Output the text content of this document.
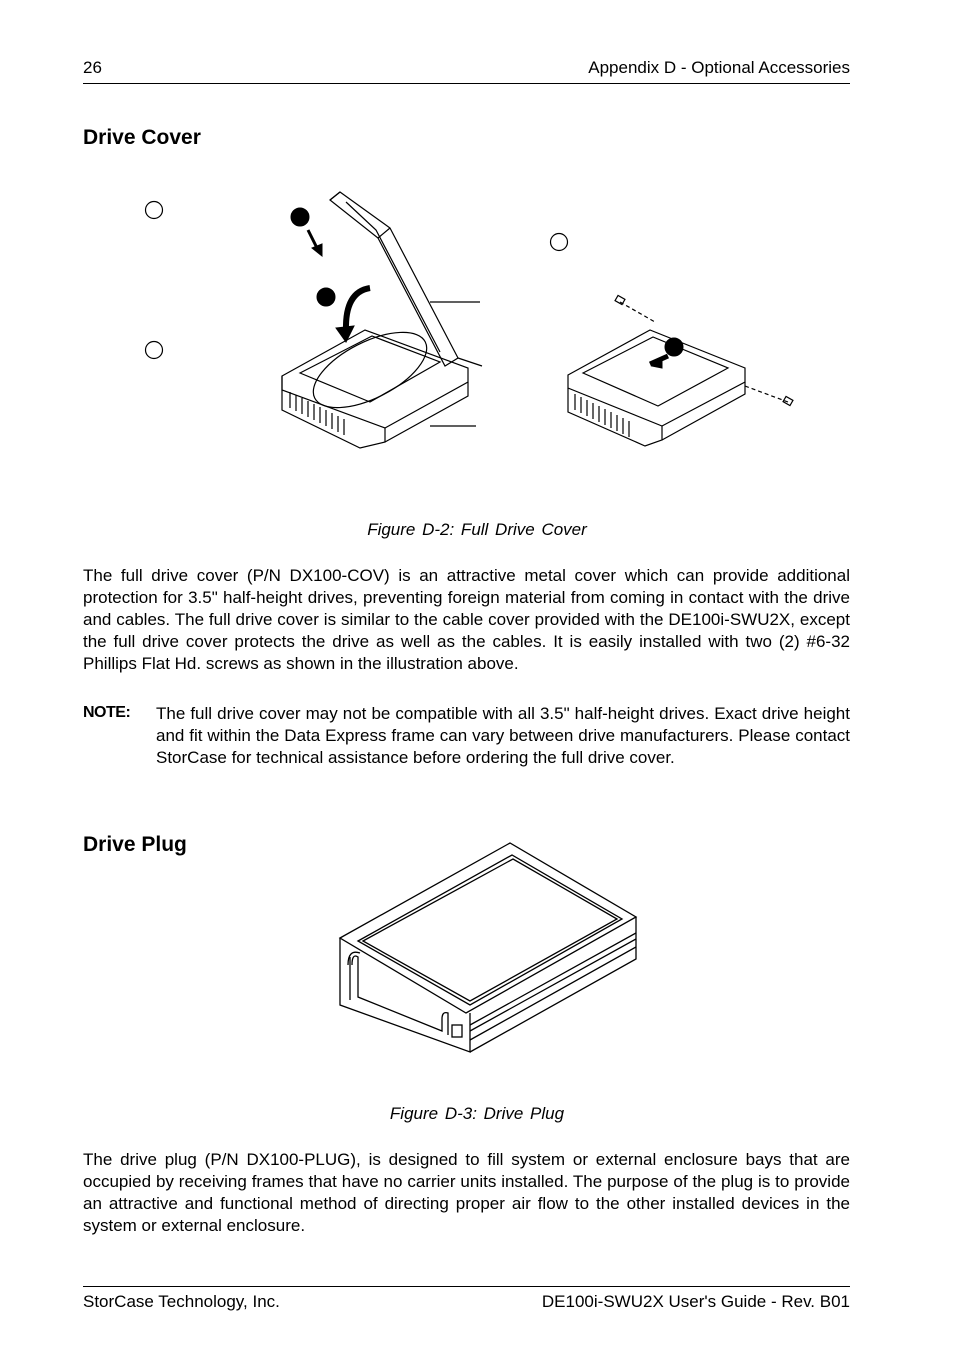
26	Appendix D - Optional Accessories
Drive Cover
Figure D-2: Full Drive Cover
The full drive cover (P/N DX100-COV) is an attractive metal cover which can provide additional protection for 3.5" half-height drives, preventing foreign material from coming in contact with the drive and cables. The full drive cover is similar to the cable cover provided with the DE100i-SWU2X, except the full drive cover protects the drive as well as the cables. It is easily installed with two (2) #6-32 Phillips Flat Hd. screws as shown in the illustration above.
NOTE: The full drive cover may not be compatible with all 3.5" half-height drives. Exact drive height and fit within the Data Express frame can vary between drive manufacturers. Please contact StorCase for technical assistance before ordering the full drive cover.
Drive Plug
Figure D-3: Drive Plug
The drive plug (P/N DX100-PLUG), is designed to fill system or external enclosure bays that are occupied by receiving frames that have no carrier units installed. The purpose of the plug is to provide an attractive and functional method of directing proper air flow to the other installed devices in the system or external enclosure.
StorCase Technology, Inc.	DE100i-SWU2X User's Guide - Rev. B01
